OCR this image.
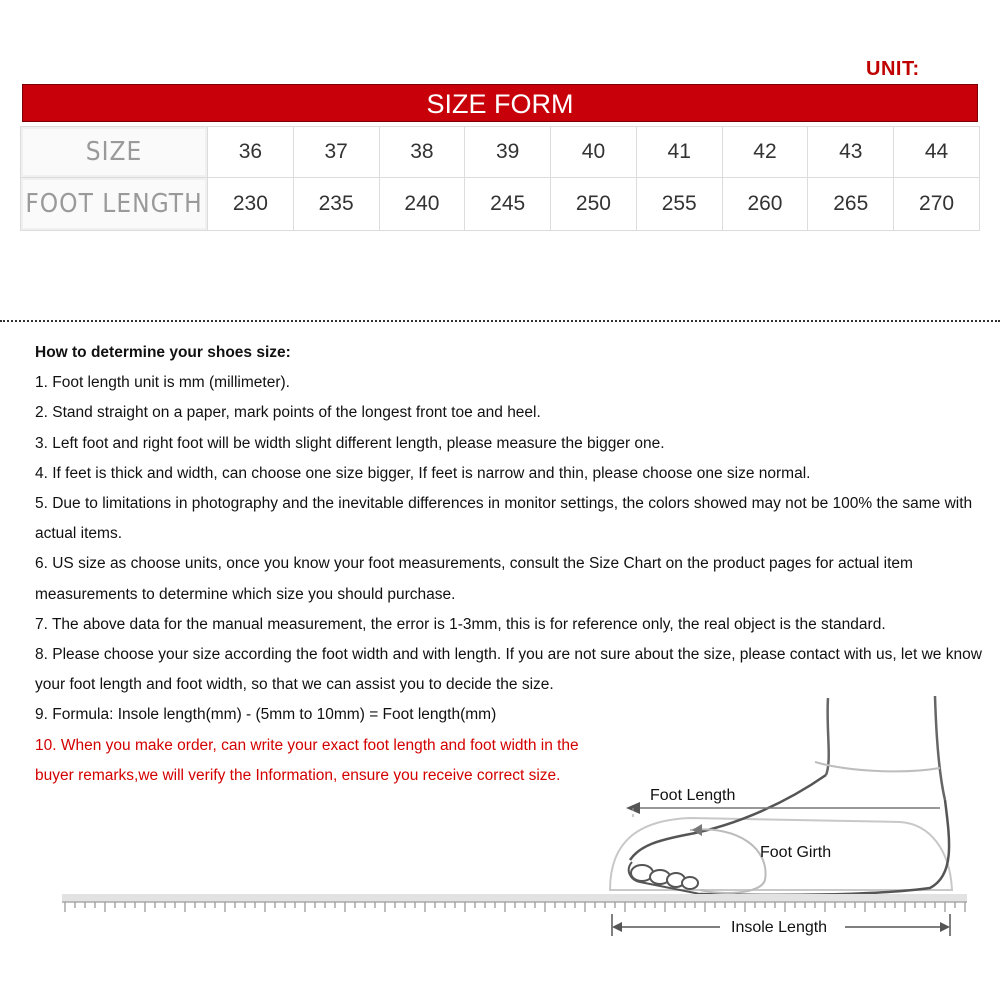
UNIT:
SIZE FORM
SIZE	36	37	38	39	40	41	42	43	44
FOOT LENGTH	230	235	240	245	250	255	260	265	270
How to determine your shoes size:
1. Foot length unit is mm (millimeter).
2. Stand straight on a paper, mark points of the longest front toe and heel.
3. Left foot and right foot will be width slight different length, please measure the bigger one.
4. If feet is thick and width, can choose one size bigger, If feet is narrow and thin, please choose one size normal.
5. Due to limitations in photography and the inevitable differences in monitor settings, the colors showed may not be 100% the same with actual items.
6. US size as choose units, once you know your foot measurements, consult the Size Chart on the product pages for actual item measurements to determine which size you should purchase.
7. The above data for the manual measurement, the error is 1-3mm, this is for reference only, the real object is the standard.
8. Please choose your size according the foot width and with length. If you are not sure about the size, please contact with us, let we know your foot length and foot width, so that we can assist you to decide the size.
9. Formula: Insole length(mm) - (5mm to 10mm) = Foot length(mm)
10. When you make order, can write your exact foot length and foot width in the
buyer remarks,we will verify the Information, ensure you receive correct size.
Foot Length
Foot Girth
Insole Length
